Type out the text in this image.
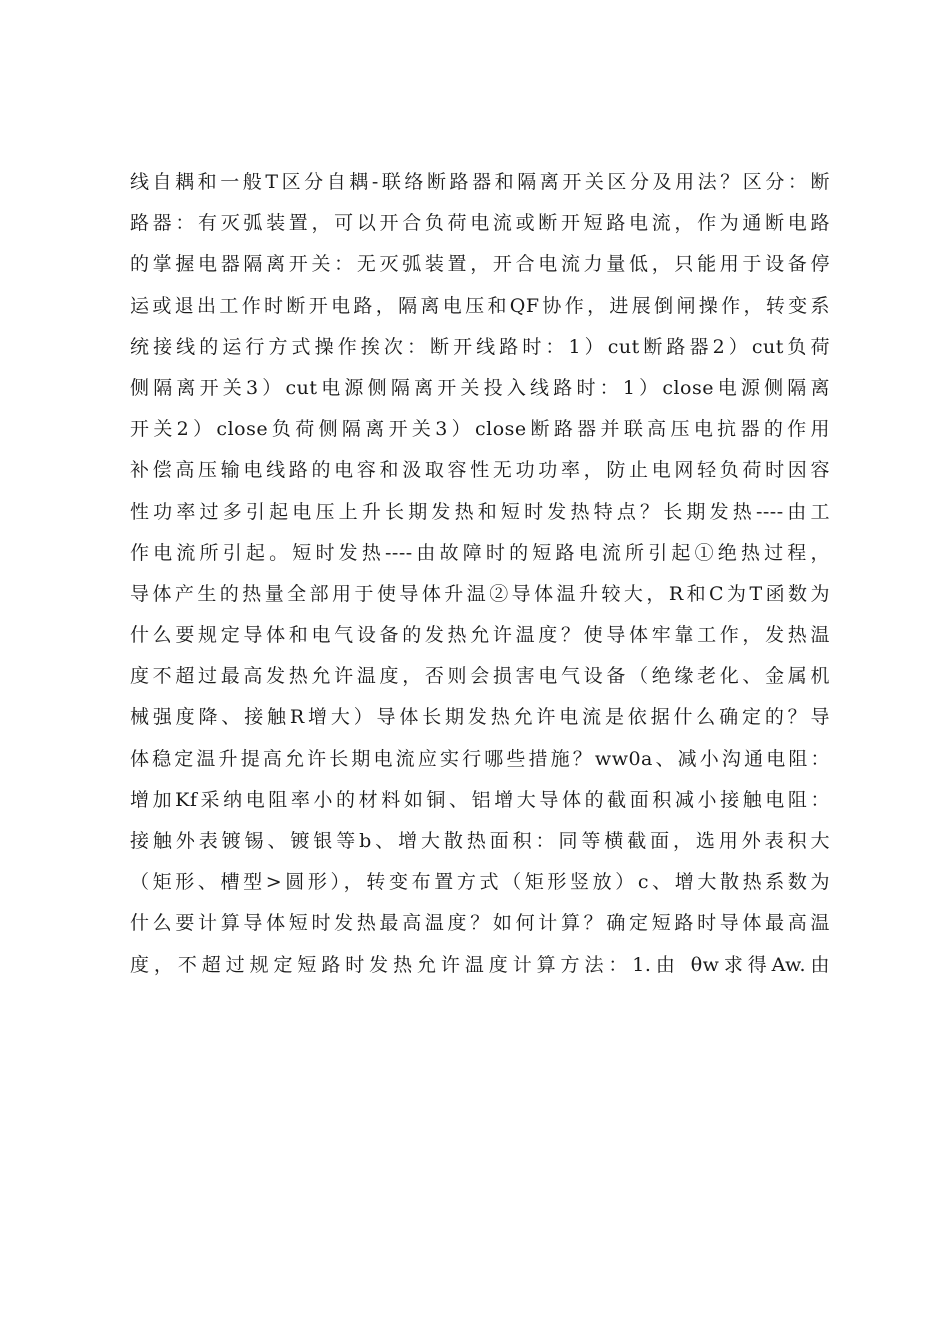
线自耦和一般T区分自耦-联络断路器和隔离开关区分及用法？区分：断
路器：有灭弧装置，可以开合负荷电流或断开短路电流，作为通断电路
的掌握电器隔离开关：无灭弧装置，开合电流力量低，只能用于设备停
运或退出工作时断开电路，隔离电压和QF协作，进展倒闸操作，转变系
统接线的运行方式操作挨次：断开线路时：1）cut断路器2）cut负荷
侧隔离开关3）cut电源侧隔离开关投入线路时：1）close电源侧隔离
开关2）close负荷侧隔离开关3）close断路器并联高压电抗器的作用
补偿高压输电线路的电容和汲取容性无功功率，防止电网轻负荷时因容
性功率过多引起电压上升长期发热和短时发热特点？长期发热----由工
作电流所引起。短时发热----由故障时的短路电流所引起①绝热过程，
导体产生的热量全部用于使导体升温②导体温升较大，R和C为T函数为
什么要规定导体和电气设备的发热允许温度？使导体牢靠工作，发热温
度不超过最高发热允许温度，否则会损害电气设备（绝缘老化、金属机
械强度降、接触R增大）导体长期发热允许电流是依据什么确定的？导
体稳定温升提高允许长期电流应实行哪些措施？ww0a、减小沟通电阻：
增加Kf采纳电阻率小的材料如铜、铝增大导体的截面积减小接触电阻：
接触外表镀锡、镀银等b、增大散热面积：同等横截面，选用外表积大
（矩形、槽型>圆形），转变布置方式（矩形竖放）c、增大散热系数为
什么要计算导体短时发热最高温度？如何计算？确定短路时导体最高温
度，不超过规定短路时发热允许温度计算方法：1.由 θw求得Aw.由
